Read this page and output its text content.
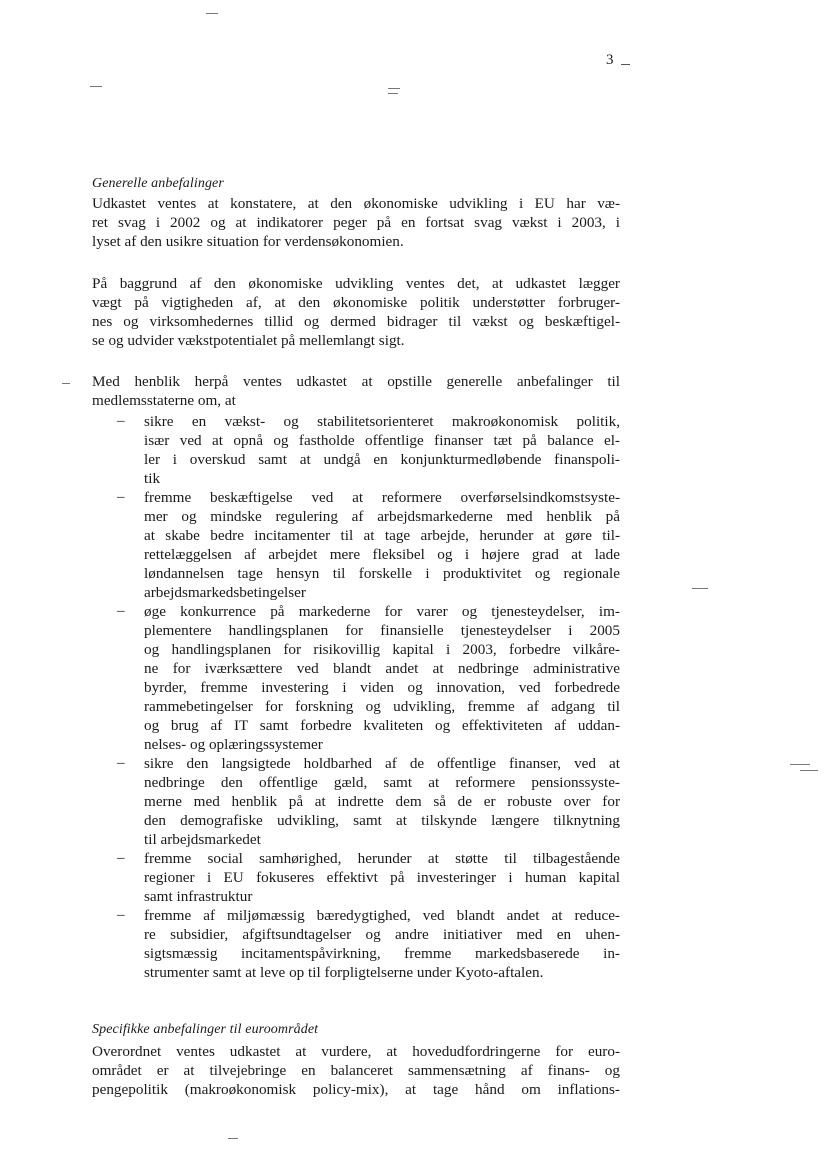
3
Generelle anbefalinger
Udkastet ventes at konstatere, at den økonomiske udvikling i EU har væ-
ret svag i 2002 og at indikatorer peger på en fortsat svag vækst i 2003, i
lyset af den usikre situation for verdensøkonomien.
På baggrund af den økonomiske udvikling ventes det, at udkastet lægger
vægt på vigtigheden af, at den økonomiske politik understøtter forbruger-
nes og virksomhedernes tillid og dermed bidrager til vækst og beskæftigel-
se og udvider vækstpotentialet på mellemlangt sigt.
Med henblik herpå ventes udkastet at opstille generelle anbefalinger til
medlemsstaterne om, at
– sikre en vækst- og stabilitetsorienteret makroøkonomisk politik,
især ved at opnå og fastholde offentlige finanser tæt på balance el-
ler i overskud samt at undgå en konjunkturmedløbende finanspoli-
tik
– fremme beskæftigelse ved at reformere overførselsindkomstsyste-
mer og mindske regulering af arbejdsmarkederne med henblik på
at skabe bedre incitamenter til at tage arbejde, herunder at gøre til-
rettelæggelsen af arbejdet mere fleksibel og i højere grad at lade
løndannelsen tage hensyn til forskelle i produktivitet og regionale
arbejdsmarkedsbetingelser
– øge konkurrence på markederne for varer og tjenesteydelser, im-
plementere handlingsplanen for finansielle tjenesteydelser i 2005
og handlingsplanen for risikovillig kapital i 2003, forbedre vilkåre-
ne for iværksættere ved blandt andet at nedbringe administrative
byrder, fremme investering i viden og innovation, ved forbedrede
rammebetingelser for forskning og udvikling, fremme af adgang til
og brug af IT samt forbedre kvaliteten og effektiviteten af uddan-
nelses- og oplæringssystemer
– sikre den langsigtede holdbarhed af de offentlige finanser, ved at
nedbringe den offentlige gæld, samt at reformere pensionssyste-
merne med henblik på at indrette dem så de er robuste over for
den demografiske udvikling, samt at tilskynde længere tilknytning
til arbejdsmarkedet
– fremme social samhørighed, herunder at støtte til tilbagestående
regioner i EU fokuseres effektivt på investeringer i human kapital
samt infrastruktur
– fremme af miljømæssig bæredygtighed, ved blandt andet at reduce-
re subsidier, afgiftsundtagelser og andre initiativer med en uhen-
sigtsmæssig incitamentspåvirkning, fremme markedsbaserede in-
strumenter samt at leve op til forpligtelserne under Kyoto-aftalen.
Specifikke anbefalinger til euroområdet
Overordnet ventes udkastet at vurdere, at hovedudfordringerne for euro-
området er at tilvejebringe en balanceret sammensætning af finans- og
pengepolitik (makroøkonomisk policy-mix), at tage hånd om inflations-
